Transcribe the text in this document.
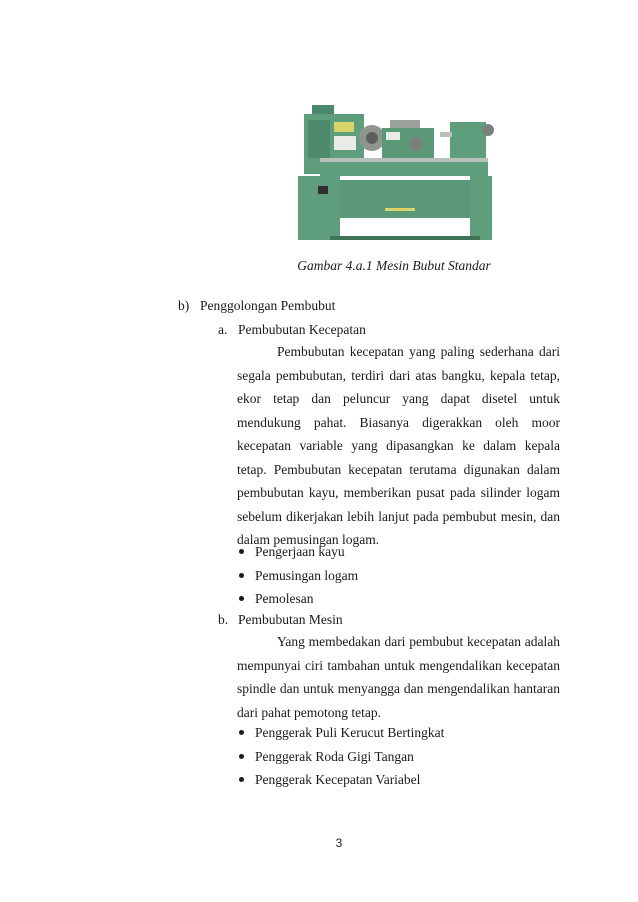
Gambar 4.a.1 Mesin Bubut Standar
b) Penggolongan Pembubut
a. Pembubutan Kecepatan

Pembubutan kecepatan yang paling sederhana dari segala pembubutan, terdiri dari atas bangku, kepala tetap, ekor tetap dan peluncur yang dapat disetel untuk mendukung pahat. Biasanya digerakkan oleh moor kecepatan variable yang dipasangkan ke dalam kepala tetap. Pembubutan kecepatan terutama digunakan dalam pembubutan kayu, memberikan pusat pada silinder logam sebelum dikerjakan lebih lanjut pada pembubut mesin, dan dalam pemusingan logam.

Pengerjaan kayu
Pemusingan logam
Pemolesan
b. Pembubutan Mesin

Yang membedakan dari pembubut kecepatan adalah mempunyai ciri tambahan untuk mengendalikan kecepatan spindle dan untuk menyangga dan mengendalikan hantaran dari pahat pemotong tetap.

Penggerak Puli Kerucut Bertingkat
Penggerak Roda Gigi Tangan
Penggerak Kecepatan Variabel
3
